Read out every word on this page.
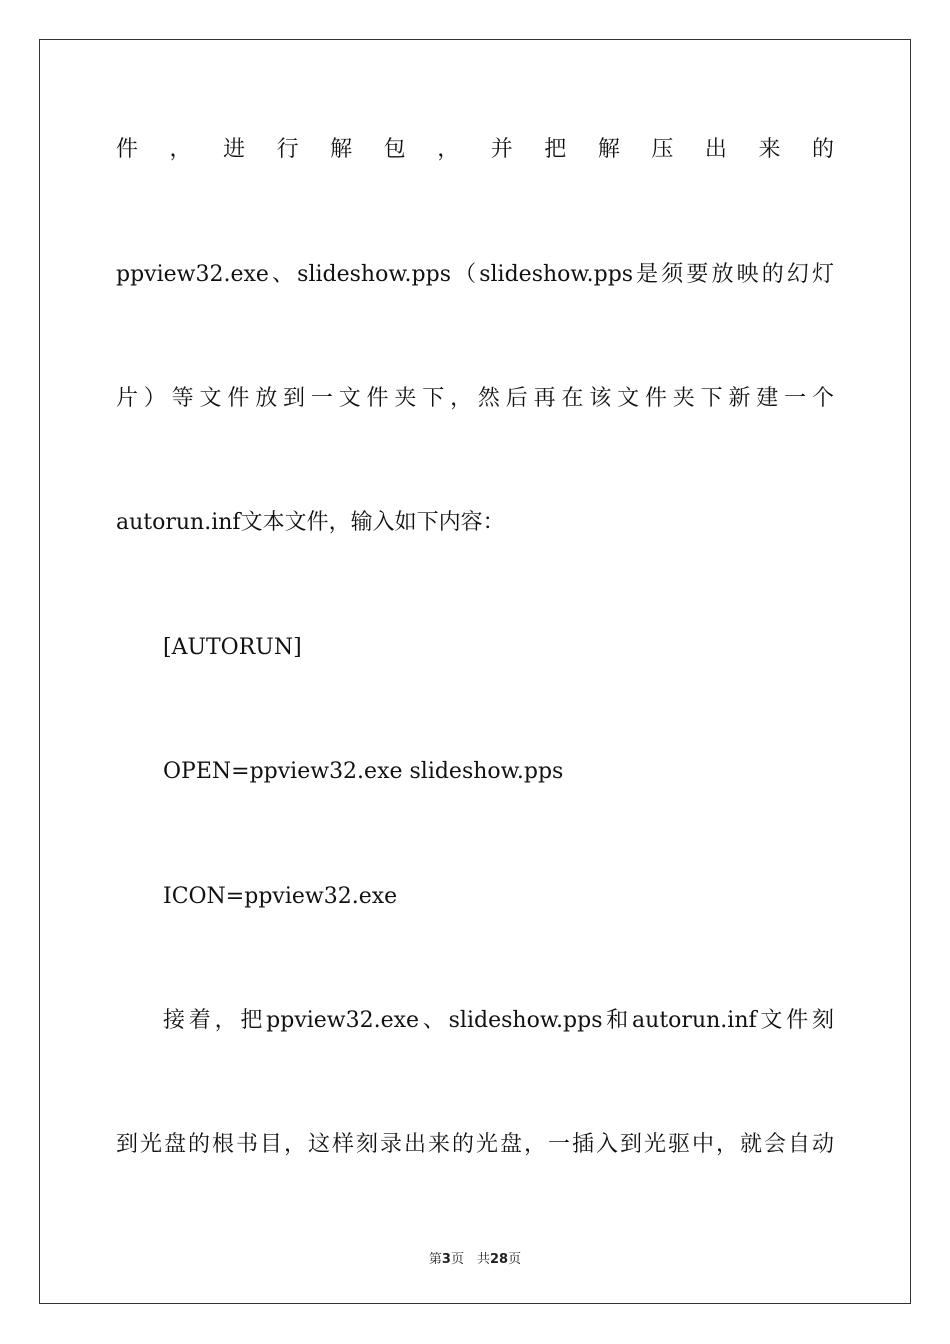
件，进行解包，并把解压出来的
ppview32.exe、slideshow.pps（slideshow.pps是须要放映的幻灯
片）等文件放到一文件夹下，然后再在该文件夹下新建一个
autorun.inf文本文件，输入如下内容：
[AUTORUN]
OPEN=ppview32.exe slideshow.pps
ICON=ppview32.exe
接着，把ppview32.exe、slideshow.pps和autorun.inf文件刻
到光盘的根书目，这样刻录出来的光盘，一插入到光驱中，就会自动
第3页　共28页
